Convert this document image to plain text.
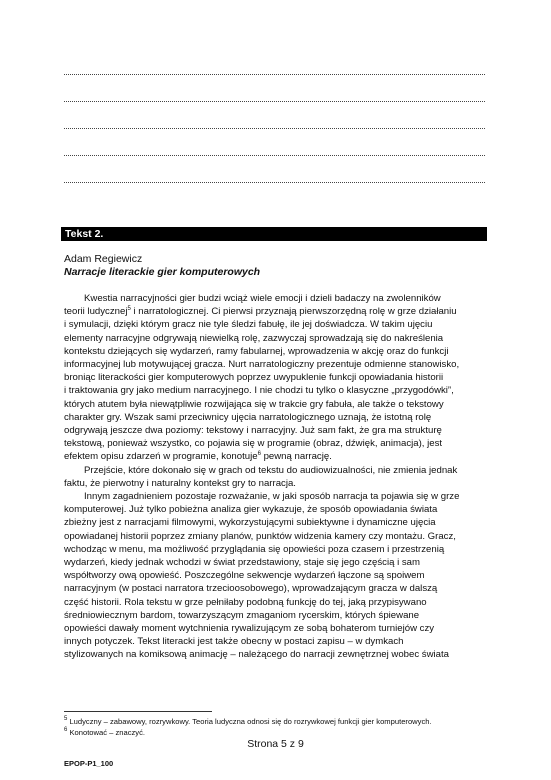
Tekst 2.
Adam Regiewicz
Narracje literackie gier komputerowych
Kwestia narracyjności gier budzi wciąż wiele emocji i dzieli badaczy na zwolenników
teorii ludycznej$^5$ i narratologicznej. Ci pierwsi przyznają pierwszorzędną rolę w grze działaniu
i symulacji, dzięki którym gracz nie tyle śledzi fabułę, ile jej doświadcza. W takim ujęciu
elementy narracyjne odgrywają niewielką rolę, zazwyczaj sprowadzają się do nakreślenia
kontekstu dziejących się wydarzeń, ramy fabularnej, wprowadzenia w akcję oraz do funkcji
informacyjnej lub motywującej gracza. Nurt narratologiczny prezentuje odmienne stanowisko,
broniąc literackości gier komputerowych poprzez uwypuklenie funkcji opowiadania historii
i traktowania gry jako medium narracyjnego. I nie chodzi tu tylko o klasyczne „przygodówki”,
których atutem była niewątpliwie rozwijająca się w trakcie gry fabuła, ale także o tekstowy
charakter gry. Wszak sami przeciwnicy ujęcia narratologicznego uznają, że istotną rolę
odgrywają jeszcze dwa poziomy: tekstowy i narracyjny. Już sam fakt, że gra ma strukturę
tekstową, ponieważ wszystko, co pojawia się w programie (obraz, dźwięk, animacja), jest
efektem opisu zdarzeń w programie, konotuje$^6$ pewną narrację.
Przejście, które dokonało się w grach od tekstu do audiowizualności, nie zmienia jednak
faktu, że pierwotny i naturalny kontekst gry to narracja.
Innym zagadnieniem pozostaje rozważanie, w jaki sposób narracja ta pojawia się w grze
komputerowej. Już tylko pobieżna analiza gier wykazuje, że sposób opowiadania świata
zbieżny jest z narracjami filmowymi, wykorzystującymi subiektywne i dynamiczne ujęcia
opowiadanej historii poprzez zmiany planów, punktów widzenia kamery czy montażu. Gracz,
wchodząc w menu, ma możliwość przyglądania się opowieści poza czasem i przestrzenią
wydarzeń, kiedy jednak wchodzi w świat przedstawiony, staje się jego częścią i sam
współtworzy ową opowieść. Poszczególne sekwencje wydarzeń łączone są spoiwem
narracyjnym (w postaci narratora trzecioosobowego), wprowadzającym gracza w dalszą
część historii. Rola tekstu w grze pełniłaby podobną funkcję do tej, jaką przypisywano
średniowiecznym bardom, towarzyszącym zmaganiom rycerskim, których śpiewane
opowieści dawały moment wytchnienia rywalizującym ze sobą bohaterom turniejów czy
innych potyczek. Tekst literacki jest także obecny w postaci zapisu – w dymkach
stylizowanych na komiksową animację – należącego do narracji zewnętrznej wobec świata
$^5$ Ludyczny – zabawowy, rozrywkowy. Teoria ludyczna odnosi się do rozrywkowej funkcji gier komputerowych.
$^6$ Konotować – znaczyć.
Strona 5 z 9
EPOP-P1_100
